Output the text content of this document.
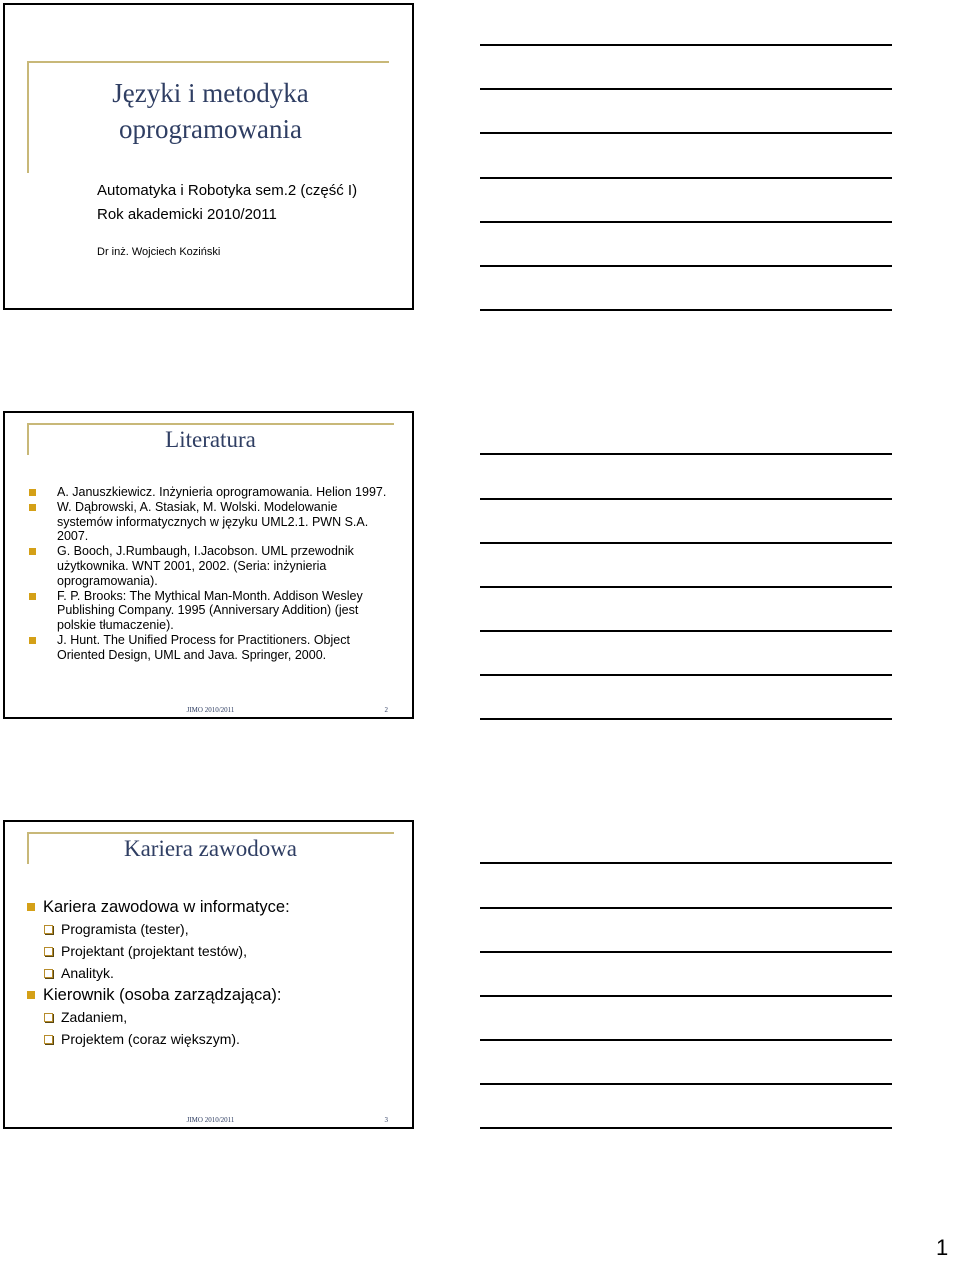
Języki i metodyka
oprogramowania
Automatyka i Robotyka sem.2 (część I)
Rok akademicki 2010/2011
Dr inż. Wojciech Koziński
Literatura
A. Januszkiewicz. Inżynieria oprogramowania. Helion 1997.
W. Dąbrowski, A. Stasiak, M. Wolski. Modelowanie systemów informatycznych w języku UML2.1. PWN S.A. 2007.
G. Booch, J.Rumbaugh, I.Jacobson. UML przewodnik użytkownika. WNT 2001, 2002. (Seria: inżynieria oprogramowania).
F. P. Brooks: The Mythical Man-Month. Addison Wesley Publishing Company. 1995 (Anniversary Addition) (jest polskie tłumaczenie).
J. Hunt. The Unified Process for Practitioners. Object Oriented Design, UML and Java. Springer, 2000.
JIMO 2010/2011	2
Kariera zawodowa
Kariera zawodowa w informatyce:
Programista (tester),
Projektant (projektant testów),
Analityk.
Kierownik (osoba zarządzająca):
Zadaniem,
Projektem (coraz większym).
JIMO 2010/2011	3
1
